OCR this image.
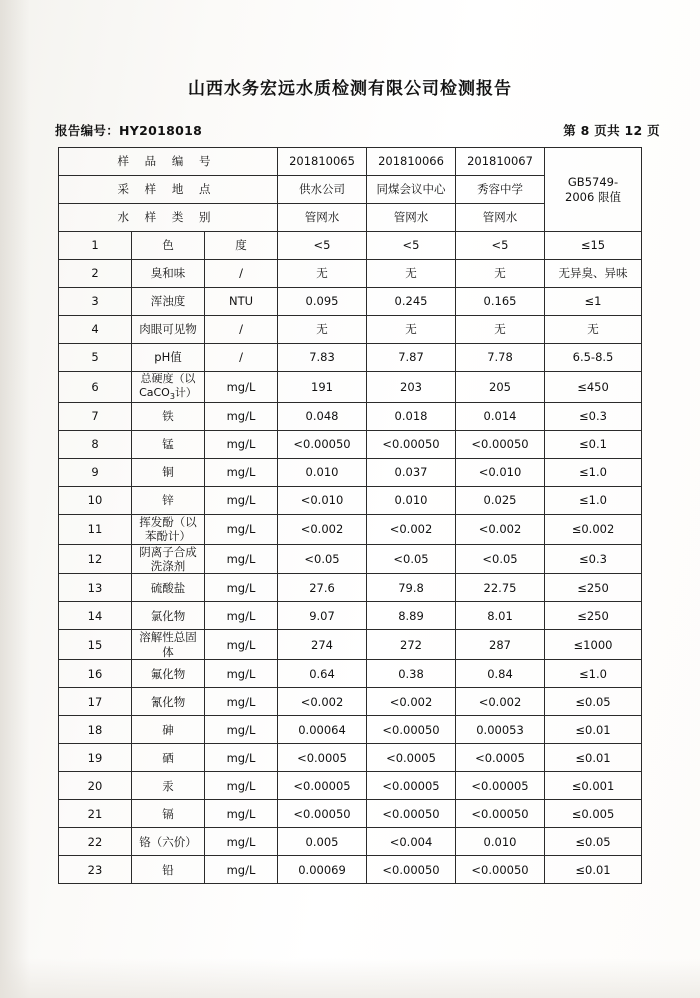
山西水务宏远水质检测有限公司检测报告
报告编号：HY2018018	第 8 页共 12 页
样 品 编 号			201810065	201810066	201810067	GB5749-
2006 限值

采 样 地 点			供水公司	同煤会议中心	秀容中学	
水 样 类 别			管网水	管网水	管网水	
1	色	度	<5	<5	<5	≤15
2	臭和味	/	无	无	无	无异臭、异味
3	浑浊度	NTU	0.095	0.245	0.165	≤1
4	肉眼可见物	/	无	无	无	无
5	pH值	/	7.83	7.87	7.78	6.5-8.5
6	总硬度（以CaCO$_3$计）	mg/L	191	203	205	≤450
7	铁	mg/L	0.048	0.018	0.014	≤0.3
8	锰	mg/L	<0.00050	<0.00050	<0.00050	≤0.1
9	铜	mg/L	0.010	0.037	<0.010	≤1.0
10	锌	mg/L	<0.010	0.010	0.025	≤1.0
11	挥发酚（以苯酚计）	mg/L	<0.002	<0.002	<0.002	≤0.002
12	阴离子合成洗涤剂	mg/L	<0.05	<0.05	<0.05	≤0.3
13	硫酸盐	mg/L	27.6	79.8	22.75	≤250
14	氯化物	mg/L	9.07	8.89	8.01	≤250
15	溶解性总固体	mg/L	274	272	287	≤1000
16	氟化物	mg/L	0.64	0.38	0.84	≤1.0
17	氰化物	mg/L	<0.002	<0.002	<0.002	≤0.05
18	砷	mg/L	0.00064	<0.00050	0.00053	≤0.01
19	硒	mg/L	<0.0005	<0.0005	<0.0005	≤0.01
20	汞	mg/L	<0.00005	<0.00005	<0.00005	≤0.001
21	镉	mg/L	<0.00050	<0.00050	<0.00050	≤0.005
22	铬（六价）	mg/L	0.005	<0.004	0.010	≤0.05
23	铅	mg/L	0.00069	<0.00050	<0.00050	≤0.01
